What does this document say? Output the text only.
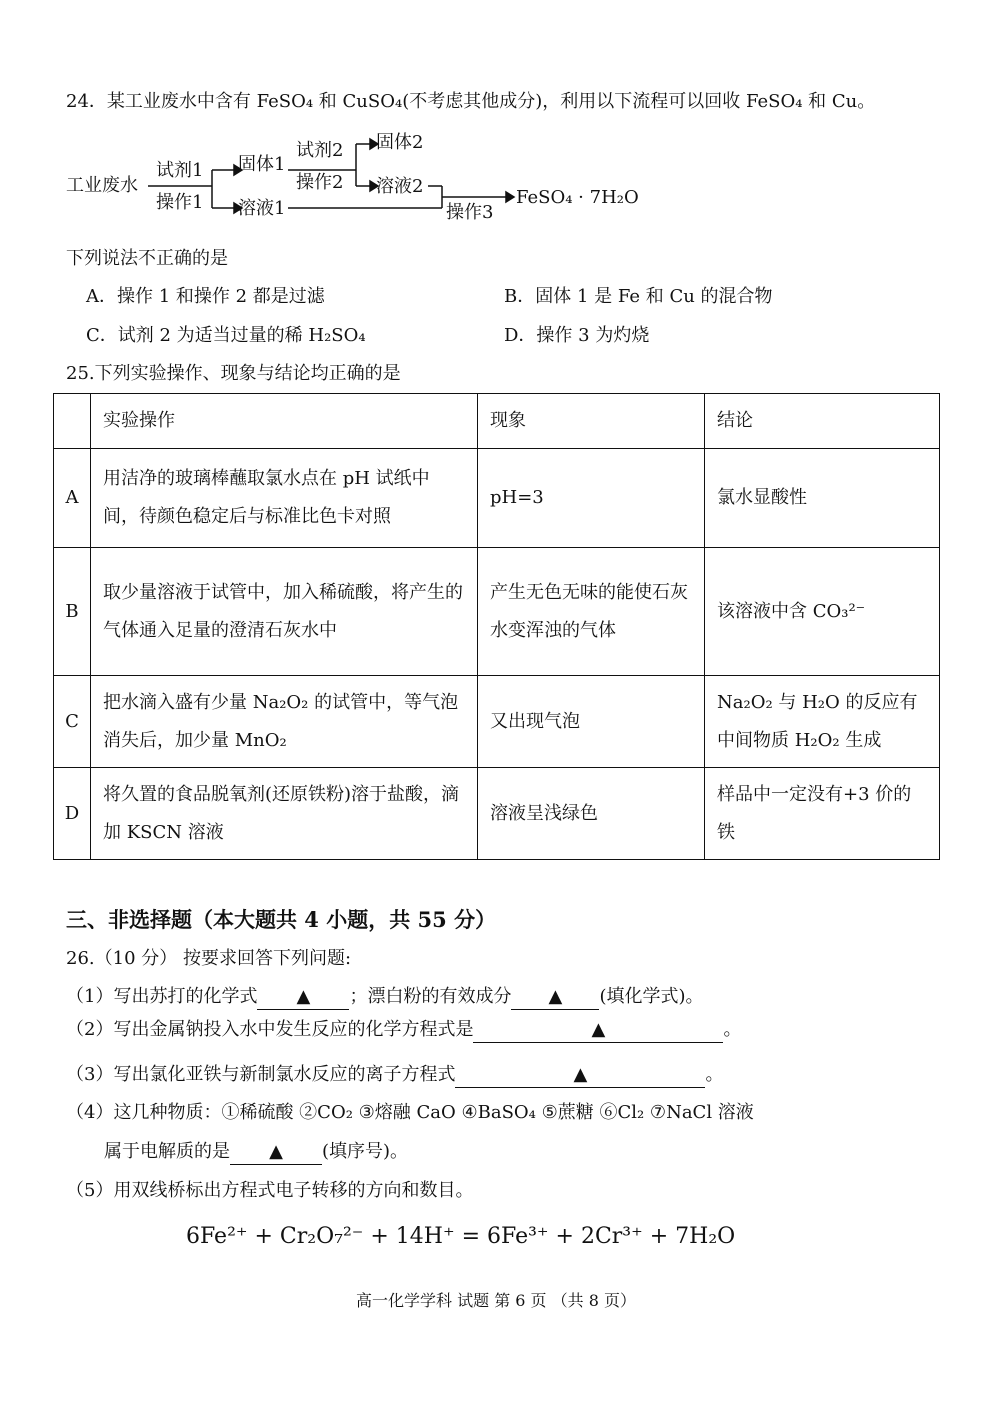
24．某工业废水中含有 FeSO₄ 和 CuSO₄(不考虑其他成分)，利用以下流程可以回收 FeSO₄ 和 Cu。
工业废水
试剂1
操作1
固体1
溶液1
试剂2
操作2
固体2
溶液2
操作3
FeSO₄ · 7H₂O
下列说法不正确的是
A．操作 1 和操作 2 都是过滤	B．固体 1 是 Fe 和 Cu 的混合物
C．试剂 2 为适当过量的稀 H₂SO₄	D．操作 3 为灼烧
25.下列实验操作、现象与结论均正确的是
	实验操作	现象	结论
A	用洁净的玻璃棒蘸取氯水点在 pH 试纸中间，待颜色稳定后与标准比色卡对照	pH=3	氯水显酸性
B	取少量溶液于试管中，加入稀硫酸，将产生的气体通入足量的澄清石灰水中	产生无色无味的能使石灰水变浑浊的气体	该溶液中含 CO₃²⁻
C	把水滴入盛有少量 Na₂O₂ 的试管中，等气泡消失后，加少量 MnO₂	又出现气泡	Na₂O₂ 与 H₂O 的反应有中间物质 H₂O₂ 生成
D	将久置的食品脱氧剂(还原铁粉)溶于盐酸，滴加 KSCN 溶液	溶液呈浅绿色	样品中一定没有+3 价的铁
三、非选择题（本大题共 4 小题，共 55 分）
26.（10 分） 按要求回答下列问题:
（1）写出苏打的化学式 ▲ ；漂白粉的有效成分 ▲ (填化学式)。
（2）写出金属钠投入水中发生反应的化学方程式是	▲	。
（3）写出氯化亚铁与新制氯水反应的离子方程式	▲	。
（4）这几种物质：①稀硫酸 ②CO₂ ③熔融 CaO ④BaSO₄ ⑤蔗糖 ⑥Cl₂ ⑦NaCl 溶液
属于电解质的是 ▲ (填序号)。
（5）用双线桥标出方程式电子转移的方向和数目。
6Fe²⁺ + Cr₂O₇²⁻ + 14H⁺ = 6Fe³⁺ + 2Cr³⁺ + 7H₂O
高一化学学科 试题 第 6 页 （共 8 页）
